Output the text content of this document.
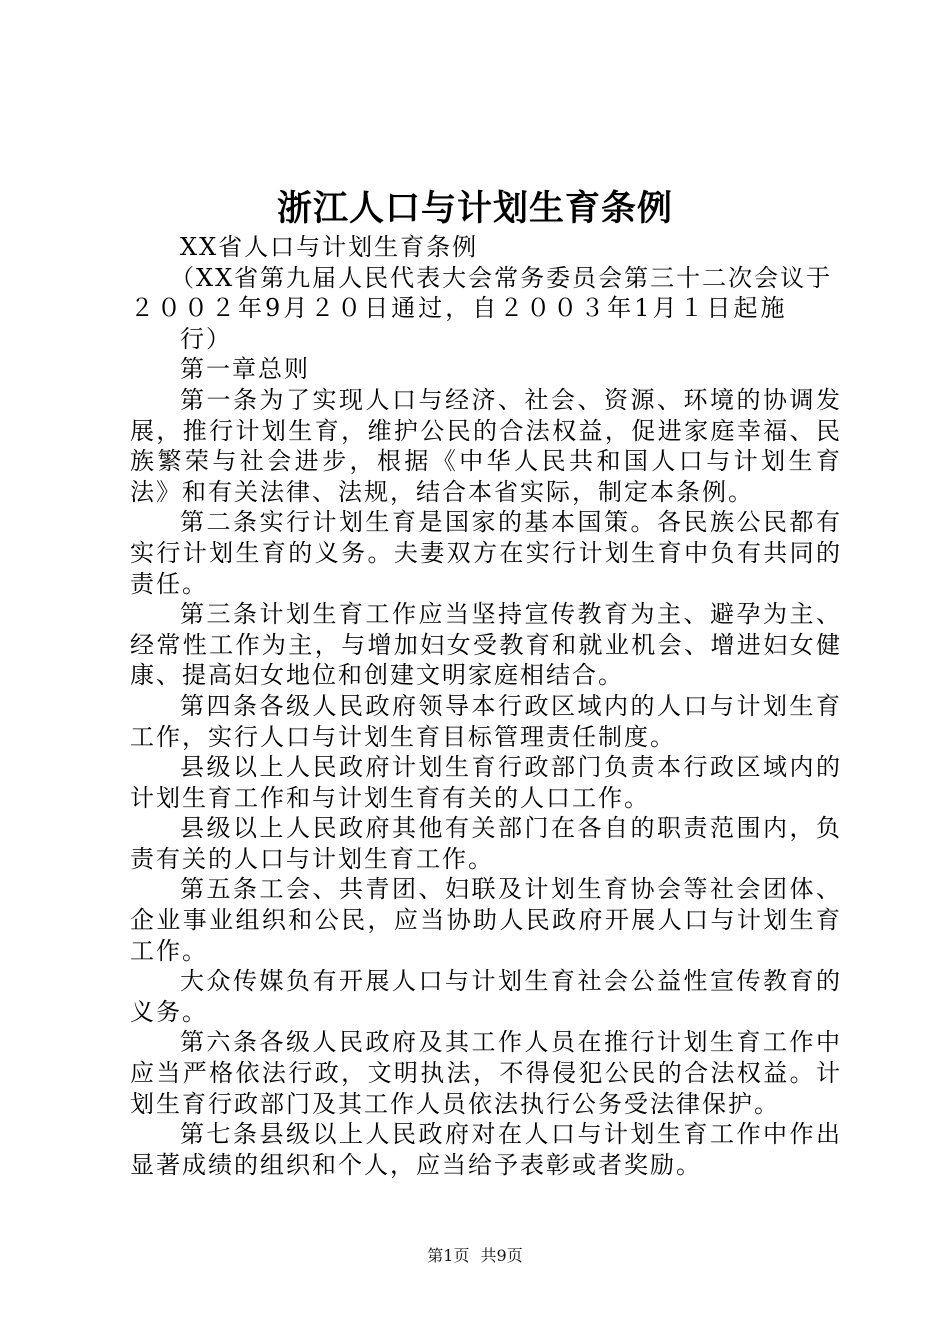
浙江人口与计划生育条例

XX省人口与计划生育条例

（XX省第九届人民代表大会常务委员会第三十二次会议于

２００２年9月２０日通过，自２００３年1月１日起施

行）

第一章总则

第一条为了实现人口与经济、社会、资源、环境的协调发展，推行计划生育，维护公民的合法权益，促进家庭幸福、民族繁荣与社会进步，根据《中华人民共和国人口与计划生育法》和有关法律、法规，结合本省实际，制定本条例。

第二条实行计划生育是国家的基本国策。各民族公民都有实行计划生育的义务。夫妻双方在实行计划生育中负有共同的责任。

第三条计划生育工作应当坚持宣传教育为主、避孕为主、经常性工作为主，与增加妇女受教育和就业机会、增进妇女健康、提高妇女地位和创建文明家庭相结合。

第四条各级人民政府领导本行政区域内的人口与计划生育工作，实行人口与计划生育目标管理责任制度。

县级以上人民政府计划生育行政部门负责本行政区域内的计划生育工作和与计划生育有关的人口工作。

县级以上人民政府其他有关部门在各自的职责范围内，负责有关的人口与计划生育工作。

第五条工会、共青团、妇联及计划生育协会等社会团体、企业事业组织和公民，应当协助人民政府开展人口与计划生育工作。

大众传媒负有开展人口与计划生育社会公益性宣传教育的义务。

第六条各级人民政府及其工作人员在推行计划生育工作中应当严格依法行政，文明执法，不得侵犯公民的合法权益。计划生育行政部门及其工作人员依法执行公务受法律保护。

第七条县级以上人民政府对在人口与计划生育工作中作出显著成绩的组织和个人，应当给予表彰或者奖励。

第1页 共9页
